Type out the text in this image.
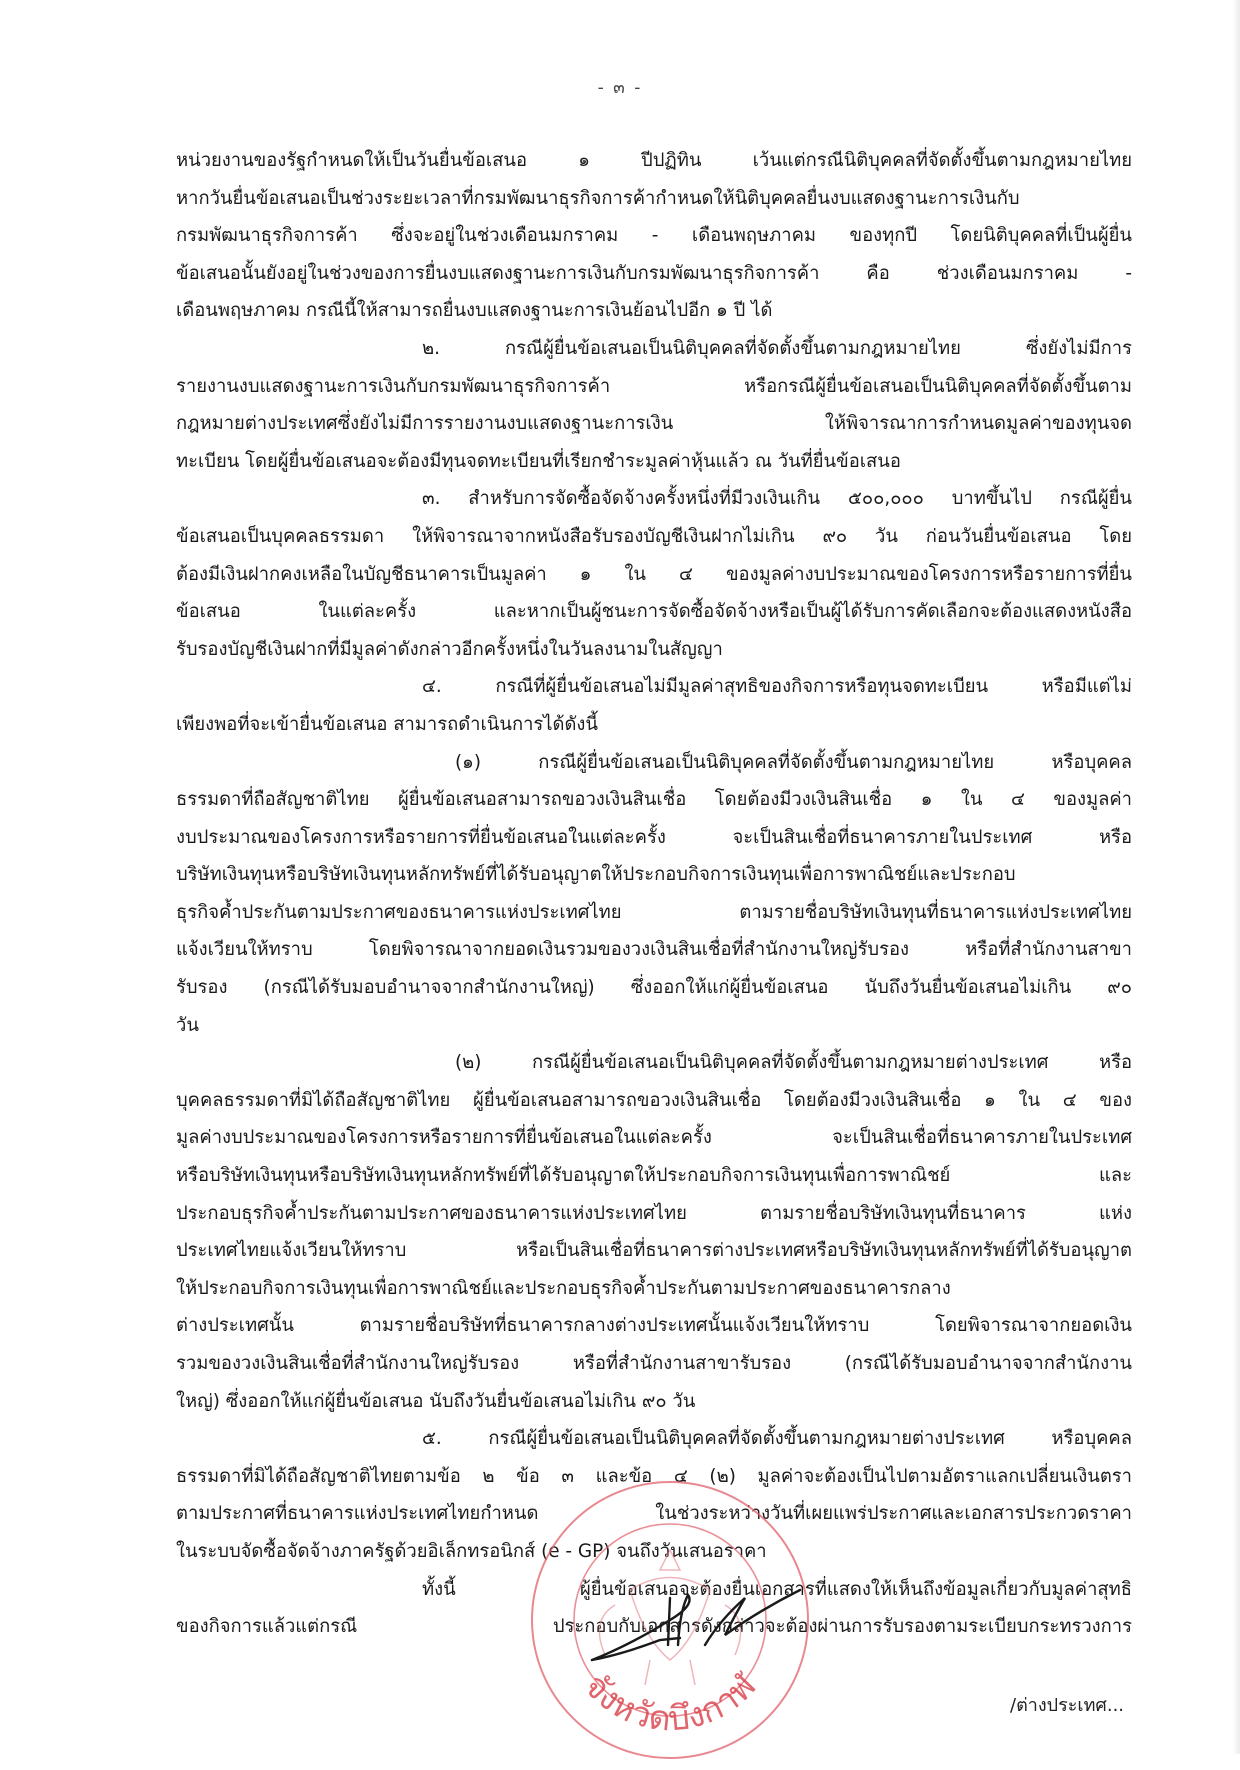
- ๓ -
หน่วยงานของรัฐกำหนดให้เป็นวันยื่นข้อเสนอ ๑ ปีปฏิทิน เว้นแต่กรณีนิติบุคคลที่จัดตั้งขึ้นตามกฎหมายไทย
หากวันยื่นข้อเสนอเป็นช่วงระยะเวลาที่กรมพัฒนาธุรกิจการค้ากำหนดให้นิติบุคคลยื่นงบแสดงฐานะการเงินกับ
กรมพัฒนาธุรกิจการค้า ซึ่งจะอยู่ในช่วงเดือนมกราคม - เดือนพฤษภาคม ของทุกปี โดยนิติบุคคลที่เป็นผู้ยื่น
ข้อเสนอนั้นยังอยู่ในช่วงของการยื่นงบแสดงฐานะการเงินกับกรมพัฒนาธุรกิจการค้า คือ ช่วงเดือนมกราคม -
เดือนพฤษภาคม กรณีนี้ให้สามารถยื่นงบแสดงฐานะการเงินย้อนไปอีก ๑ ปี ได้
๒. กรณีผู้ยื่นข้อเสนอเป็นนิติบุคคลที่จัดตั้งขึ้นตามกฎหมายไทย ซึ่งยังไม่มีการ
รายงานงบแสดงฐานะการเงินกับกรมพัฒนาธุรกิจการค้า หรือกรณีผู้ยื่นข้อเสนอเป็นนิติบุคคลที่จัดตั้งขึ้นตาม
กฎหมายต่างประเทศซึ่งยังไม่มีการรายงานงบแสดงฐานะการเงิน ให้พิจารณาการกำหนดมูลค่าของทุนจด
ทะเบียน โดยผู้ยื่นข้อเสนอจะต้องมีทุนจดทะเบียนที่เรียกชำระมูลค่าหุ้นแล้ว ณ วันที่ยื่นข้อเสนอ
๓. สำหรับการจัดซื้อจัดจ้างครั้งหนึ่งที่มีวงเงินเกิน ๕๐๐,๐๐๐ บาทขึ้นไป กรณีผู้ยื่น
ข้อเสนอเป็นบุคคลธรรมดา ให้พิจารณาจากหนังสือรับรองบัญชีเงินฝากไม่เกิน ๙๐ วัน ก่อนวันยื่นข้อเสนอ โดย
ต้องมีเงินฝากคงเหลือในบัญชีธนาคารเป็นมูลค่า ๑ ใน ๔ ของมูลค่างบประมาณของโครงการหรือรายการที่ยื่น
ข้อเสนอ ในแต่ละครั้ง และหากเป็นผู้ชนะการจัดซื้อจัดจ้างหรือเป็นผู้ได้รับการคัดเลือกจะต้องแสดงหนังสือ
รับรองบัญชีเงินฝากที่มีมูลค่าดังกล่าวอีกครั้งหนึ่งในวันลงนามในสัญญา
๔. กรณีที่ผู้ยื่นข้อเสนอไม่มีมูลค่าสุทธิของกิจการหรือทุนจดทะเบียน หรือมีแต่ไม่
เพียงพอที่จะเข้ายื่นข้อเสนอ สามารถดำเนินการได้ดังนี้
(๑) กรณีผู้ยื่นข้อเสนอเป็นนิติบุคคลที่จัดตั้งขึ้นตามกฎหมายไทย หรือบุคคล
ธรรมดาที่ถือสัญชาติไทย ผู้ยื่นข้อเสนอสามารถขอวงเงินสินเชื่อ โดยต้องมีวงเงินสินเชื่อ ๑ ใน ๔ ของมูลค่า
งบประมาณของโครงการหรือรายการที่ยื่นข้อเสนอในแต่ละครั้ง จะเป็นสินเชื่อที่ธนาคารภายในประเทศ หรือ
บริษัทเงินทุนหรือบริษัทเงินทุนหลักทรัพย์ที่ได้รับอนุญาตให้ประกอบกิจการเงินทุนเพื่อการพาณิชย์และประกอบ
ธุรกิจค้ำประกันตามประกาศของธนาคารแห่งประเทศไทย ตามรายชื่อบริษัทเงินทุนที่ธนาคารแห่งประเทศไทย
แจ้งเวียนให้ทราบ โดยพิจารณาจากยอดเงินรวมของวงเงินสินเชื่อที่สำนักงานใหญ่รับรอง หรือที่สำนักงานสาขา
รับรอง (กรณีได้รับมอบอำนาจจากสำนักงานใหญ่) ซึ่งออกให้แก่ผู้ยื่นข้อเสนอ นับถึงวันยื่นข้อเสนอไม่เกิน ๙๐
วัน
(๒) กรณีผู้ยื่นข้อเสนอเป็นนิติบุคคลที่จัดตั้งขึ้นตามกฎหมายต่างประเทศ หรือ
บุคคลธรรมดาที่มิได้ถือสัญชาติไทย ผู้ยื่นข้อเสนอสามารถขอวงเงินสินเชื่อ โดยต้องมีวงเงินสินเชื่อ ๑ ใน ๔ ของ
มูลค่างบประมาณของโครงการหรือรายการที่ยื่นข้อเสนอในแต่ละครั้ง จะเป็นสินเชื่อที่ธนาคารภายในประเทศ
หรือบริษัทเงินทุนหรือบริษัทเงินทุนหลักทรัพย์ที่ได้รับอนุญาตให้ประกอบกิจการเงินทุนเพื่อการพาณิชย์ และ
ประกอบธุรกิจค้ำประกันตามประกาศของธนาคารแห่งประเทศไทย ตามรายชื่อบริษัทเงินทุนที่ธนาคาร แห่ง
ประเทศไทยแจ้งเวียนให้ทราบ หรือเป็นสินเชื่อที่ธนาคารต่างประเทศหรือบริษัทเงินทุนหลักทรัพย์ที่ได้รับอนุญาต
ให้ประกอบกิจการเงินทุนเพื่อการพาณิชย์และประกอบธุรกิจค้ำประกันตามประกาศของธนาคารกลาง
ต่างประเทศนั้น ตามรายชื่อบริษัทที่ธนาคารกลางต่างประเทศนั้นแจ้งเวียนให้ทราบ โดยพิจารณาจากยอดเงิน
รวมของวงเงินสินเชื่อที่สำนักงานใหญ่รับรอง หรือที่สำนักงานสาขารับรอง (กรณีได้รับมอบอำนาจจากสำนักงาน
ใหญ่) ซึ่งออกให้แก่ผู้ยื่นข้อเสนอ นับถึงวันยื่นข้อเสนอไม่เกิน ๙๐ วัน
๕. กรณีผู้ยื่นข้อเสนอเป็นนิติบุคคลที่จัดตั้งขึ้นตามกฎหมายต่างประเทศ หรือบุคคล
ธรรมดาที่มิได้ถือสัญชาติไทยตามข้อ ๒ ข้อ ๓ และข้อ ๔ (๒) มูลค่าจะต้องเป็นไปตามอัตราแลกเปลี่ยนเงินตรา
ตามประกาศที่ธนาคารแห่งประเทศไทยกำหนด ในช่วงระหว่างวันที่เผยแพร่ประกาศและเอกสารประกวดราคา
ในระบบจัดซื้อจัดจ้างภาครัฐด้วยอิเล็กทรอนิกส์ (e - GP) จนถึงวันเสนอราคา
ทั้งนี้ ผู้ยื่นข้อเสนอจะต้องยื่นเอกสารที่แสดงให้เห็นถึงข้อมูลเกี่ยวกับมูลค่าสุทธิ
ของกิจการแล้วแต่กรณี ประกอบกับเอกสารดังกล่าวจะต้องผ่านการรับรองตามระเบียบกระทรวงการ
จังหวัดบึงกาฬ	/ต่างประเทศ...
